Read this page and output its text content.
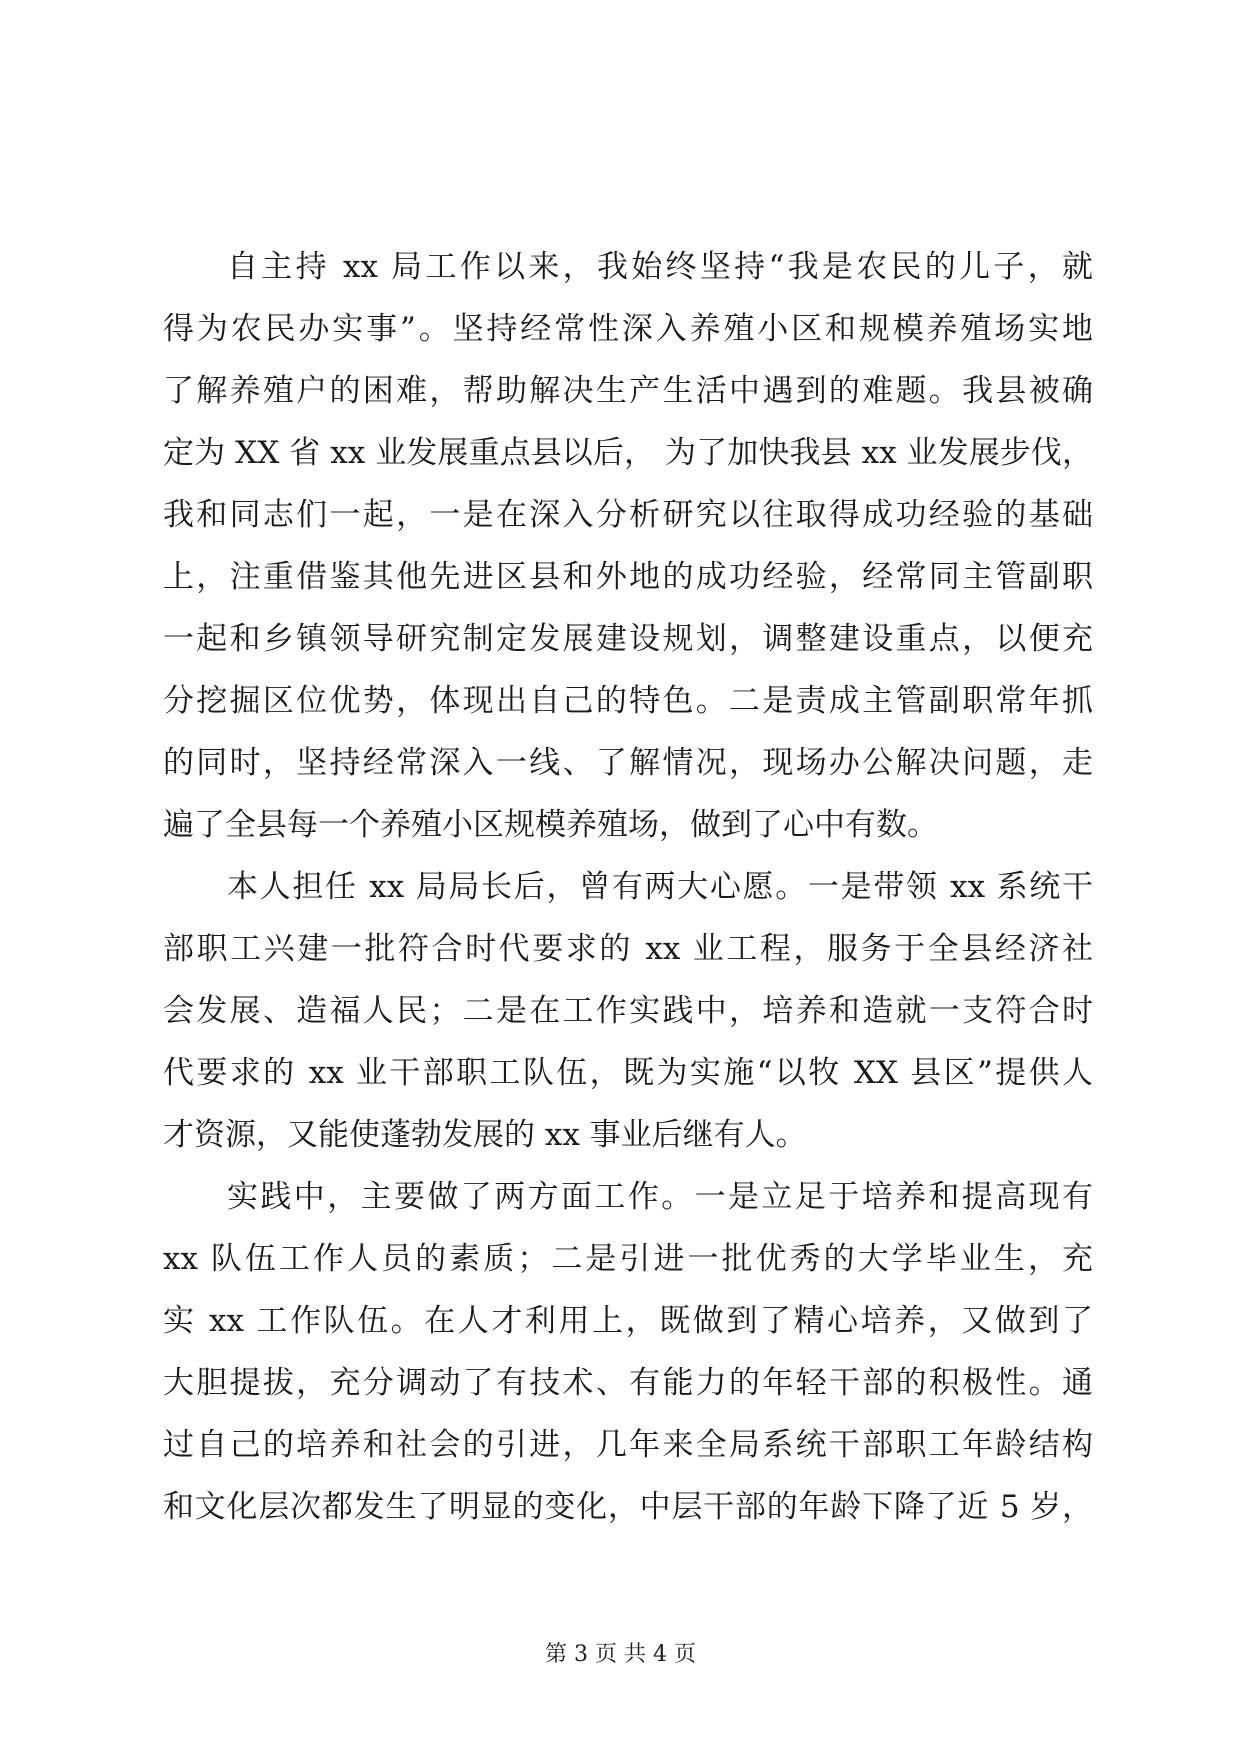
自主持 xx 局工作以来，我始终坚持“我是农民的儿子，就
得为农民办实事”。坚持经常性深入养殖小区和规模养殖场实地
了解养殖户的困难，帮助解决生产生活中遇到的难题。我县被确
定为 XX 省 xx 业发展重点县以后， 为了加快我县 xx 业发展步伐，
我和同志们一起，一是在深入分析研究以往取得成功经验的基础
上，注重借鉴其他先进区县和外地的成功经验，经常同主管副职
一起和乡镇领导研究制定发展建设规划，调整建设重点，以便充
分挖掘区位优势，体现出自己的特色。二是责成主管副职常年抓
的同时，坚持经常深入一线、了解情况，现场办公解决问题，走
遍了全县每一个养殖小区规模养殖场，做到了心中有数。
本人担任 xx 局局长后，曾有两大心愿。一是带领 xx 系统干
部职工兴建一批符合时代要求的 xx 业工程，服务于全县经济社
会发展、造福人民；二是在工作实践中，培养和造就一支符合时
代要求的 xx 业干部职工队伍，既为实施“以牧 XX 县区”提供人
才资源，又能使蓬勃发展的 xx 事业后继有人。
实践中，主要做了两方面工作。一是立足于培养和提高现有
xx 队伍工作人员的素质；二是引进一批优秀的大学毕业生，充
实 xx 工作队伍。在人才利用上，既做到了精心培养，又做到了
大胆提拔，充分调动了有技术、有能力的年轻干部的积极性。通
过自己的培养和社会的引进，几年来全局系统干部职工年龄结构
和文化层次都发生了明显的变化，中层干部的年龄下降了近 5 岁，
第 3 页 共 4 页
